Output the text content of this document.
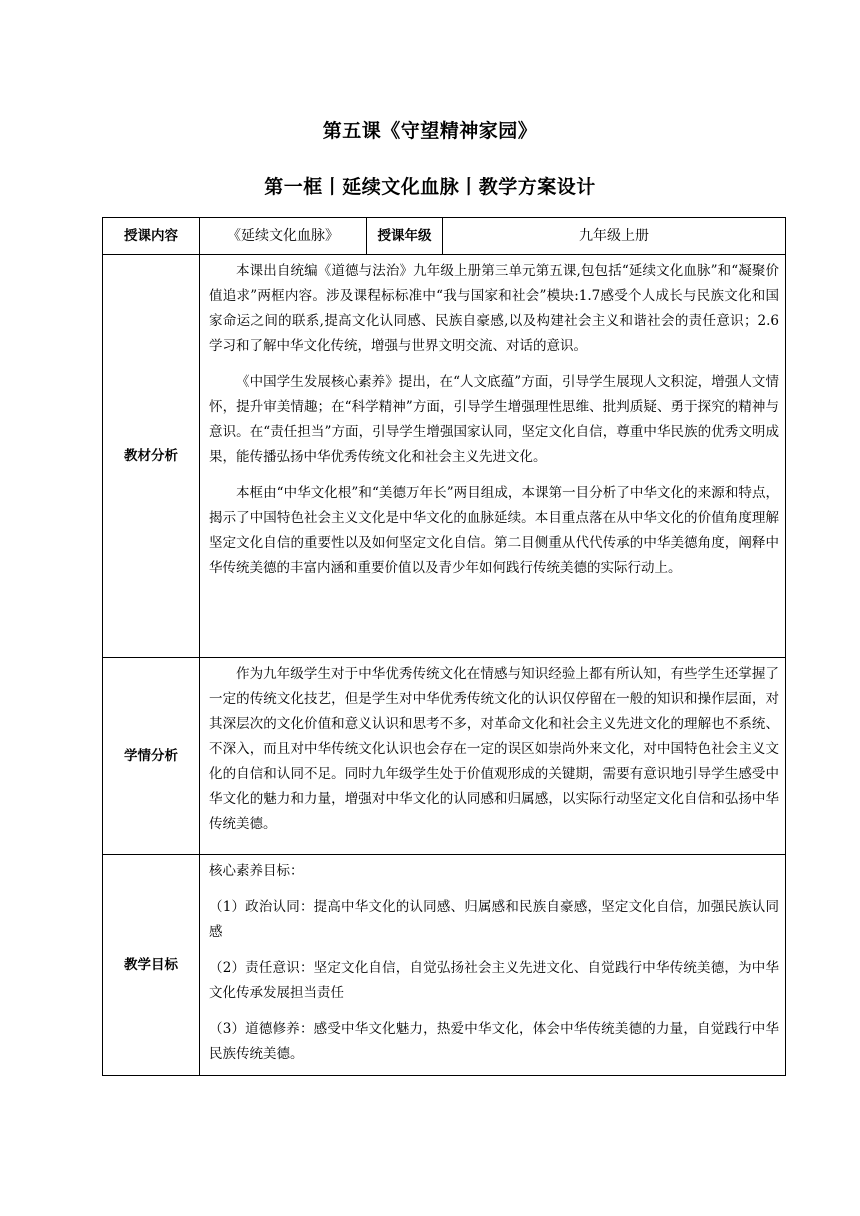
第五课《守望精神家园》
第一框丨延续文化血脉丨教学方案设计
授课内容	《延续文化血脉》	授课年级	九年级上册
教材分析	本课出自统编《道德与法治》九年级上册第三单元第五课,包包括“延续文化血脉”和“凝聚价值追求”两框内容。涉及课程标标准中“我与国家和社会”模块:1.7感受个人成长与民族文化和国家命运之间的联系,提高文化认同感、民族自豪感,以及构建社会主义和谐社会的责任意识；2.6学习和了解中华文化传统，增强与世界文明交流、对话的意识。

《中国学生发展核心素养》提出，在“人文底蕴”方面，引导学生展现人文积淀，增强人文情怀，提升审美情趣；在“科学精神”方面，引导学生增强理性思维、批判质疑、勇于探究的精神与意识。在“责任担当”方面，引导学生增强国家认同，坚定文化自信，尊重中华民族的优秀文明成果，能传播弘扬中华优秀传统文化和社会主义先进文化。

本框由“中华文化根”和“美德万年长”两目组成，本课第一目分析了中华文化的来源和特点，揭示了中国特色社会主义文化是中华文化的血脉延续。本目重点落在从中华文化的价值角度理解坚定文化自信的重要性以及如何坚定文化自信。第二目侧重从代代传承的中华美德角度，阐释中华传统美德的丰富内涵和重要价值以及青少年如何践行传统美德的实际行动上。		

学情分析	作为九年级学生对于中华优秀传统文化在情感与知识经验上都有所认知，有些学生还掌握了一定的传统文化技艺，但是学生对中华优秀传统文化的认识仅停留在一般的知识和操作层面，对其深层次的文化价值和意义认识和思考不多，对革命文化和社会主义先进文化的理解也不系统、不深入，而且对中华传统文化认识也会存在一定的误区如崇尚外来文化，对中国特色社会主义文化的自信和认同不足。同时九年级学生处于价值观形成的关键期，需要有意识地引导学生感受中华文化的魅力和力量，增强对中华文化的认同感和归属感，以实际行动坚定文化自信和弘扬中华传统美德。		

教学目标	核心素养目标：

（1）政治认同：提高中华文化的认同感、归属感和民族自豪感，坚定文化自信，加强民族认同感

（2）责任意识：坚定文化自信，自觉弘扬社会主义先进文化、自觉践行中华传统美德，为中华文化传承发展担当责任

（3）道德修养：感受中华文化魅力，热爱中华文化，体会中华传统美德的力量，自觉践行中华民族传统美德。		
